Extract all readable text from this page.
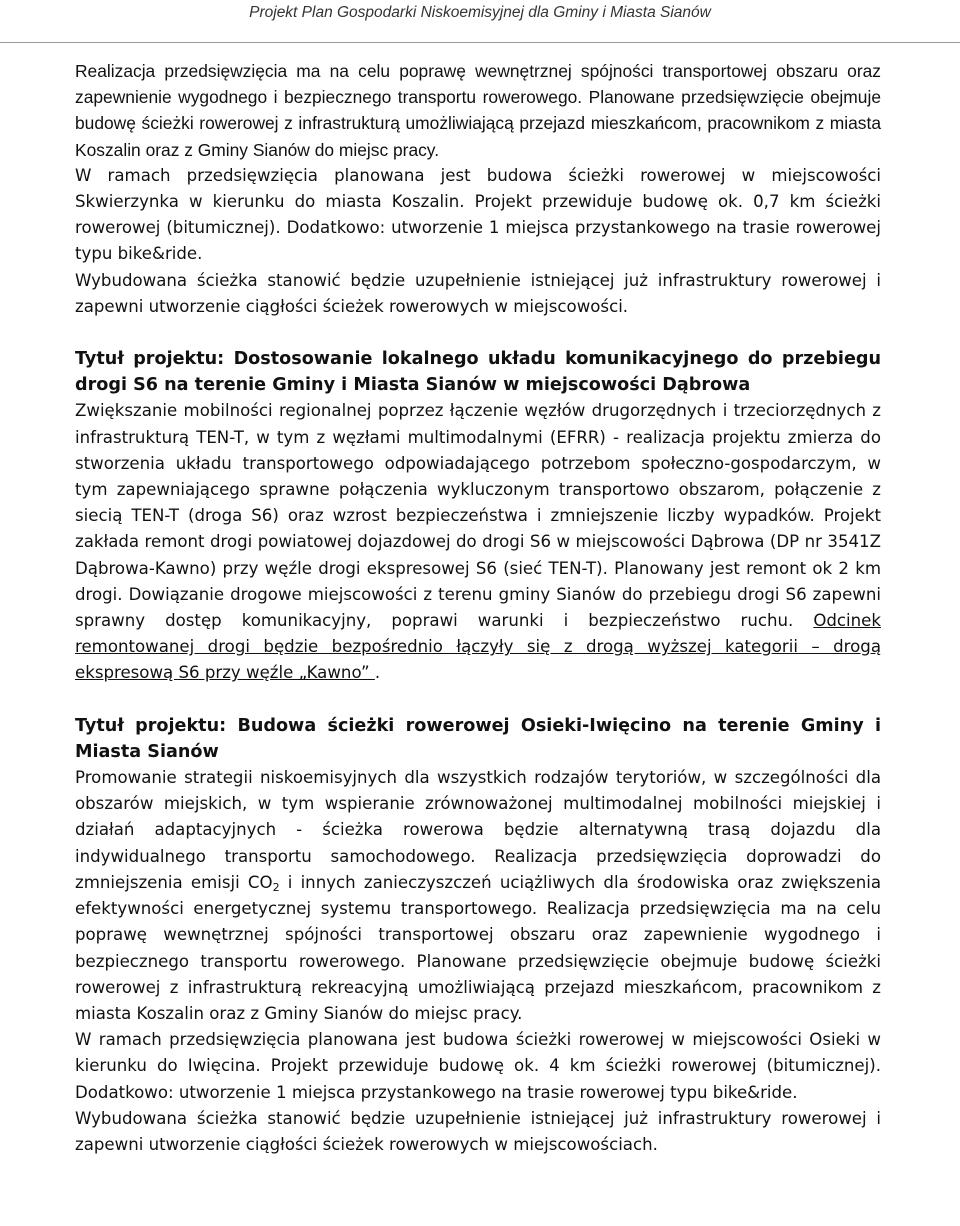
Projekt Plan Gospodarki Niskoemisyjnej dla Gminy i Miasta Sianów

Realizacja przedsięwzięcia ma na celu poprawę wewnętrznej spójności transportowej obszaru oraz zapewnienie wygodnego i bezpiecznego transportu rowerowego. Planowane przedsięwzięcie obejmuje budowę ścieżki rowerowej z infrastrukturą umożliwiającą przejazd mieszkańcom, pracownikom z miasta Koszalin oraz z Gminy Sianów do miejsc pracy.

W ramach przedsięwzięcia planowana jest budowa ścieżki rowerowej w miejscowości Skwierzynka w kierunku do miasta Koszalin. Projekt przewiduje budowę ok. 0,7 km ścieżki rowerowej (bitumicznej). Dodatkowo: utworzenie 1 miejsca przystankowego na trasie rowerowej typu bike&ride.

Wybudowana ścieżka stanowić będzie uzupełnienie istniejącej już infrastruktury rowerowej i zapewni utworzenie ciągłości ścieżek rowerowych w miejscowości.

Tytuł projektu: Dostosowanie lokalnego układu komunikacyjnego do przebiegu drogi S6 na terenie Gminy i Miasta Sianów w miejscowości Dąbrowa

Zwiększanie mobilności regionalnej poprzez łączenie węzłów drugorzędnych i trzeciorzędnych z infrastrukturą TEN-T, w tym z węzłami multimodalnymi (EFRR) - realizacja projektu zmierza do stworzenia układu transportowego odpowiadającego potrzebom społeczno-gospodarczym, w tym zapewniającego sprawne połączenia wykluczonym transportowo obszarom, połączenie z siecią TEN-T (droga S6) oraz wzrost bezpieczeństwa i zmniejszenie liczby wypadków. Projekt zakłada remont drogi powiatowej dojazdowej do drogi S6 w miejscowości Dąbrowa (DP nr 3541Z Dąbrowa-Kawno) przy węźle drogi ekspresowej S6 (sieć TEN-T). Planowany jest remont ok 2 km drogi. Dowiązanie drogowe miejscowości z terenu gminy Sianów do przebiegu drogi S6 zapewni sprawny dostęp komunikacyjny, poprawi warunki i bezpieczeństwo ruchu. Odcinek remontowanej drogi będzie bezpośrednio łączyły się z drogą wyższej kategorii – drogą ekspresową S6 przy węźle „Kawno” .

Tytuł projektu: Budowa ścieżki rowerowej Osieki-Iwięcino na terenie Gminy i Miasta Sianów

Promowanie strategii niskoemisyjnych dla wszystkich rodzajów terytoriów, w szczególności dla obszarów miejskich, w tym wspieranie zrównoważonej multimodalnej mobilności miejskiej i działań adaptacyjnych - ścieżka rowerowa będzie alternatywną trasą dojazdu dla indywidualnego transportu samochodowego. Realizacja przedsięwzięcia doprowadzi do zmniejszenia emisji $CO_2$ i innych zanieczyszczeń uciążliwych dla środowiska oraz zwiększenia efektywności energetycznej systemu transportowego. Realizacja przedsięwzięcia ma na celu poprawę wewnętrznej spójności transportowej obszaru oraz zapewnienie wygodnego i bezpiecznego transportu rowerowego. Planowane przedsięwzięcie obejmuje budowę ścieżki rowerowej z infrastrukturą rekreacyjną umożliwiającą przejazd mieszkańcom, pracownikom z miasta Koszalin oraz z Gminy Sianów do miejsc pracy.

W ramach przedsięwzięcia planowana jest budowa ścieżki rowerowej w miejscowości Osieki w kierunku do Iwięcina. Projekt przewiduje budowę ok. 4 km ścieżki rowerowej (bitumicznej). Dodatkowo: utworzenie 1 miejsca przystankowego na trasie rowerowej typu bike&ride.

Wybudowana ścieżka stanowić będzie uzupełnienie istniejącej już infrastruktury rowerowej i zapewni utworzenie ciągłości ścieżek rowerowych w miejscowościach.
